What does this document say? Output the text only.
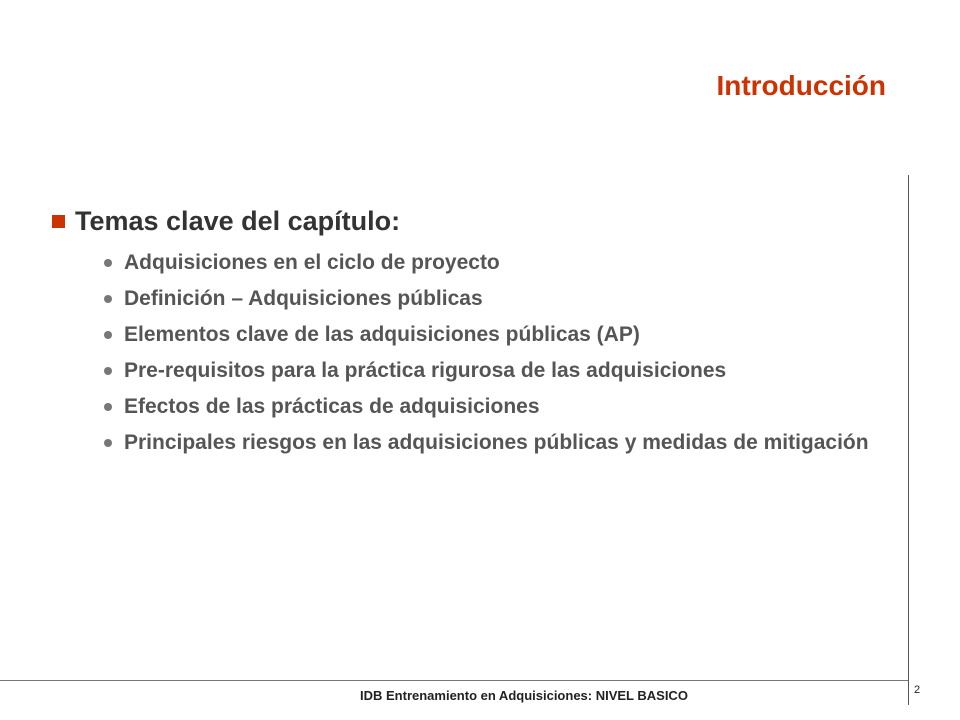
Introducción
Temas clave del capítulo:
Adquisiciones en el ciclo de proyecto
Definición – Adquisiciones públicas
Elementos clave de las adquisiciones públicas (AP)
Pre-requisitos para la práctica rigurosa de las adquisiciones
Efectos de las prácticas de adquisiciones
Principales riesgos en las adquisiciones públicas y medidas de mitigación
IDB Entrenamiento en Adquisiciones: NIVEL BASICO	2
